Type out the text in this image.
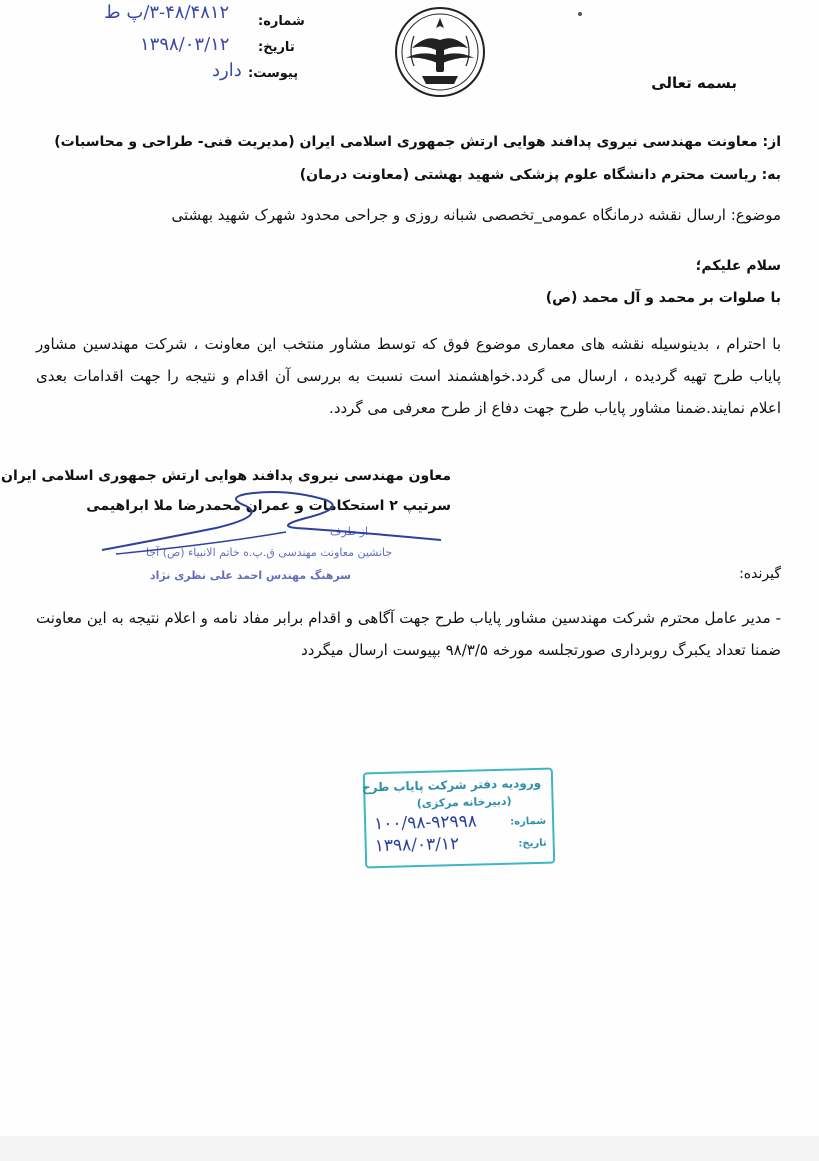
۳-۴۸/۴۸۱۲/پ ط شماره:
۱۳۹۸/۰۳/۱۲ تاریخ:
دارد پیوست:
بسمه تعالی
از: معاونت مهندسی نیروی پدافند هوایی ارتش جمهوری اسلامی ایران (مدیریت فنی- طراحی و محاسبات)
به: ریاست محترم دانشگاه علوم پزشکی شهید بهشتی (معاونت درمان)
موضوع: ارسال نقشه درمانگاه عمومی_تخصصی شبانه روزی و جراحی محدود شهرک شهید بهشتی
سلام علیکم؛
با صلوات بر محمد و آل محمد (ص)
با احترام ، بدینوسیله نقشه های معماری موضوع فوق که توسط مشاور منتخب این معاونت ، شرکت مهندسین مشاور پایاب طرح تهیه گردیده ، ارسال می گردد.خواهشمند است نسبت به بررسی آن اقدام و نتیجه را جهت اقدامات بعدی اعلام نمایند.ضمنا مشاور پایاب طرح جهت دفاع از طرح معرفی می گردد.
معاون مهندسی نیروی پدافند هوایی ارتش جمهوری اسلامی ایران
سرتیپ ۲ استحکامات و عمران محمدرضا ملا ابراهیمی
از طرف
جانشین معاونت مهندسی ق.پ.ه خاتم الانبیاء (ص) آجا
سرهنگ مهندس احمد علی نظری نژاد	گیرنده:
- مدیر عامل محترم شرکت مهندسین مشاور پایاب طرح جهت آگاهی و اقدام برابر مفاد نامه و اعلام نتیجه به این معاونت ضمنا تعداد یکبرگ روبرداری صورتجلسه مورخه ۹۸/۳/۵ بپیوست ارسال میگردد
ورودیه دفتر شرکت پایاب طرح
(دبیرخانه مرکزی)
شماره:
۱۰۰/۹۸-۹۲۹۹۸
تاریخ:
۱۳۹۸/۰۳/۱۲
